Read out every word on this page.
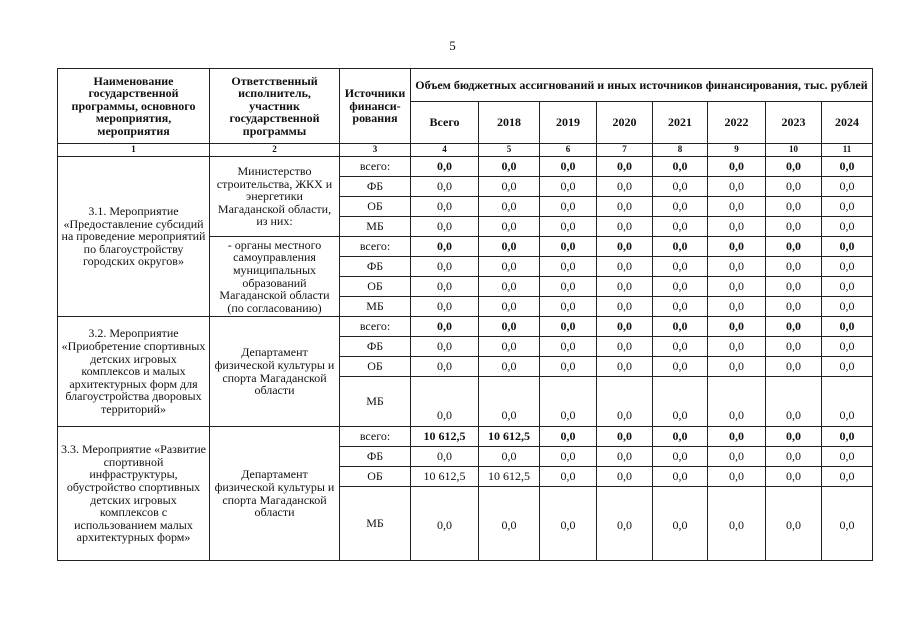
5
Наименование государственной программы, основного мероприятия, мероприятия	Ответственный исполнитель, участник государственной программы	Источники финанси-рования	Объем бюджетных ассигнований и иных источников финансирования, тыс. рублей							
			Всего	2018	2019	2020	2021	2022	2023	2024
1	2	3	4	5	6	7	8	9	10	11
3.1. Мероприятие «Предоставление субсидий на проведение мероприятий по благоустройству городских округов»	Министерство строительства, ЖКХ и энергетики Магаданской области, из них:	всего:	0,0	0,0	0,0	0,0	0,0	0,0	0,0	0,0
		ФБ	0,0	0,0	0,0	0,0	0,0	0,0	0,0	0,0
		ОБ	0,0	0,0	0,0	0,0	0,0	0,0	0,0	0,0
		МБ	0,0	0,0	0,0	0,0	0,0	0,0	0,0	0,0
	- органы местного самоуправления муниципальных образований Магаданской области (по согласованию)	всего:	0,0	0,0	0,0	0,0	0,0	0,0	0,0	0,0
		ФБ	0,0	0,0	0,0	0,0	0,0	0,0	0,0	0,0
		ОБ	0,0	0,0	0,0	0,0	0,0	0,0	0,0	0,0
		МБ	0,0	0,0	0,0	0,0	0,0	0,0	0,0	0,0
3.2. Мероприятие «Приобретение спортивных детских игровых комплексов и малых архитектурных форм для благоустройства дворовых территорий»	Департамент физической культуры и спорта Магаданской области	всего:	0,0	0,0	0,0	0,0	0,0	0,0	0,0	0,0
		ФБ	0,0	0,0	0,0	0,0	0,0	0,0	0,0	0,0
		ОБ	0,0	0,0	0,0	0,0	0,0	0,0	0,0	0,0
		МБ	0,0	0,0	0,0	0,0	0,0	0,0	0,0	0,0
3.3. Мероприятие «Развитие спортивной инфраструктуры, обустройство спортивных детских игровых комплексов с использованием малых архитектурных форм»	Департамент физической культуры и спорта Магаданской области	всего:	10 612,5	10 612,5	0,0	0,0	0,0	0,0	0,0	0,0
		ФБ	0,0	0,0	0,0	0,0	0,0	0,0	0,0	0,0
		ОБ	10 612,5	10 612,5	0,0	0,0	0,0	0,0	0,0	0,0
		МБ	0,0	0,0	0,0	0,0	0,0	0,0	0,0	0,0
